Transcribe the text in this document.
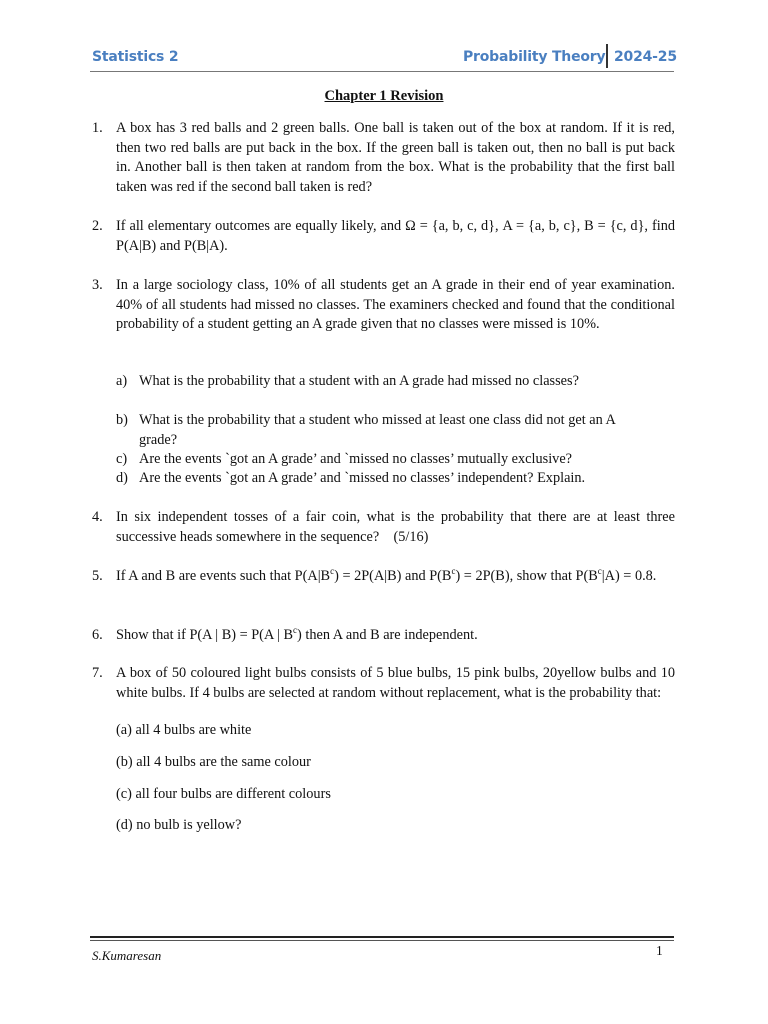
Statistics 2	Probability Theory 2024-25
Chapter 1 Revision
1. A box has 3 red balls and 2 green balls. One ball is taken out of the box at random. If it is red, then two red balls are put back in the box. If the green ball is taken out, then no ball is put back in. Another ball is then taken at random from the box. What is the probability that the first ball taken was red if the second ball taken is red?
2. If all elementary outcomes are equally likely, and Ω = {a, b, c, d}, A = {a, b, c}, B = {c, d}, find P(A|B) and P(B|A).
3. In a large sociology class, 10% of all students get an A grade in their end of year examination. 40% of all students had missed no classes. The examiners checked and found that the conditional probability of a student getting an A grade given that no classes were missed is 10%.
a) What is the probability that a student with an A grade had missed no classes?
b) What is the probability that a student who missed at least one class did not get an A grade?
c) Are the events `got an A grade’ and `missed no classes’ mutually exclusive?
d) Are the events `got an A grade’ and `missed no classes’ independent? Explain.
4. In six independent tosses of a fair coin, what is the probability that there are at least three successive heads somewhere in the sequence?    (5/16)
5. If A and B are events such that $P(A|B^c) = 2P(A|B)$ and $P(B^c) = 2P(B)$, show that $P(B^c|A) = 0.8$.
6. Show that if P(A | B) = P(A | $B^c$) then A and B are independent.
7. A box of 50 coloured light bulbs consists of 5 blue bulbs, 15 pink bulbs, 20yellow bulbs and 10 white bulbs. If 4 bulbs are selected at random without replacement, what is the probability that:
(a) all 4 bulbs are white
(b) all 4 bulbs are the same colour
(c) all four bulbs are different colours
(d) no bulb is yellow?
S.Kumaresan	1
